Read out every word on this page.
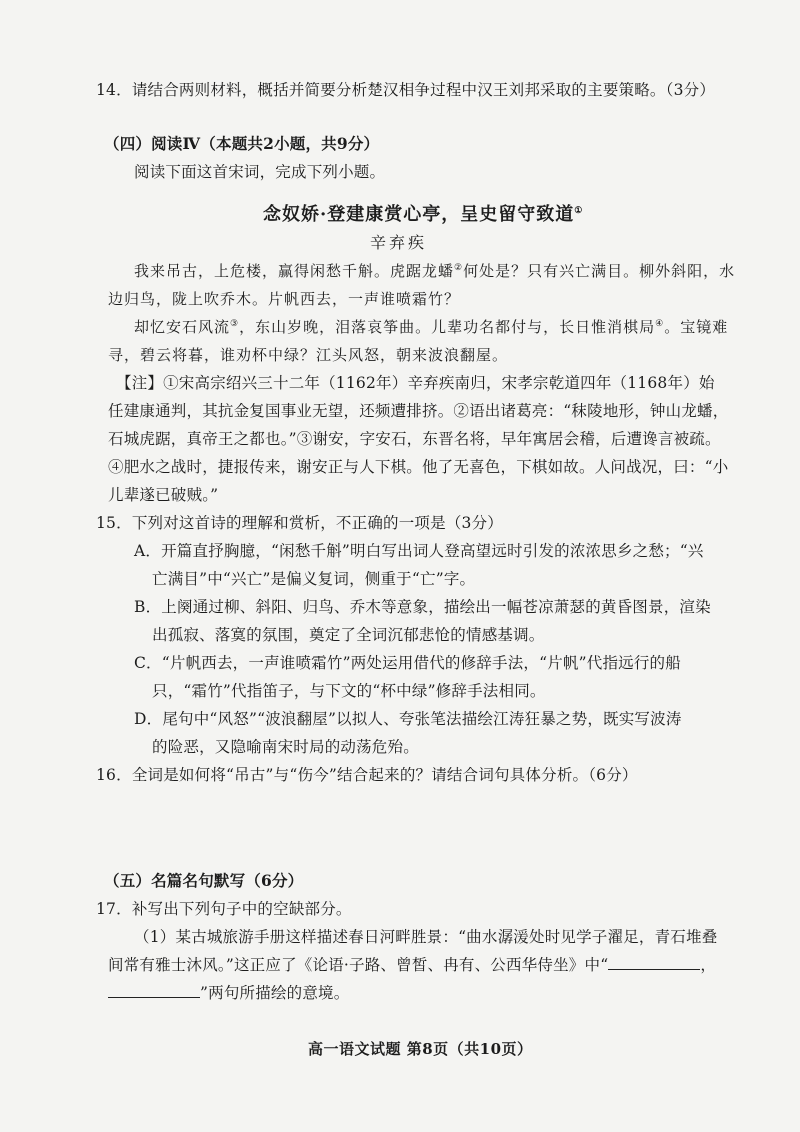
14．请结合两则材料，概括并简要分析楚汉相争过程中汉王刘邦采取的主要策略。（3分）
（四）阅读Ⅳ（本题共2小题，共9分）
阅读下面这首宋词，完成下列小题。
念奴娇·登建康赏心亭，呈史留守致道①
辛弃疾
我来吊古，上危楼，赢得闲愁千斛。虎踞龙蟠②何处是？只有兴亡满目。柳外斜阳，水
边归鸟，陇上吹乔木。片帆西去，一声谁喷霜竹？
却忆安石风流③，东山岁晚，泪落哀筝曲。儿辈功名都付与，长日惟消棋局④。宝镜难
寻，碧云将暮，谁劝杯中绿？江头风怒，朝来波浪翻屋。
【注】①宋高宗绍兴三十二年（1162年）辛弃疾南归，宋孝宗乾道四年（1168年）始
任建康通判，其抗金复国事业无望，还频遭排挤。②语出诸葛亮：“秣陵地形，钟山龙蟠，
石城虎踞，真帝王之都也。”③谢安，字安石，东晋名将，早年寓居会稽，后遭谗言被疏。
④肥水之战时，捷报传来，谢安正与人下棋。他了无喜色，下棋如故。人问战况，曰：“小
儿辈遂已破贼。”
15．下列对这首诗的理解和赏析，不正确的一项是（3分）
A．开篇直抒胸臆，“闲愁千斛”明白写出词人登高望远时引发的浓浓思乡之愁；“兴
亡满目”中“兴亡”是偏义复词，侧重于“亡”字。
B．上阕通过柳、斜阳、归鸟、乔木等意象，描绘出一幅苍凉萧瑟的黄昏图景，渲染
出孤寂、落寞的氛围，奠定了全词沉郁悲怆的情感基调。
C．“片帆西去，一声谁喷霜竹”两处运用借代的修辞手法，“片帆”代指远行的船
只，“霜竹”代指笛子，与下文的“杯中绿”修辞手法相同。
D．尾句中“风怒”“波浪翻屋”以拟人、夸张笔法描绘江涛狂暴之势，既实写波涛
的险恶，又隐喻南宋时局的动荡危殆。
16．全词是如何将“吊古”与“伤今”结合起来的？请结合词句具体分析。（6分）
（五）名篇名句默写（6分）
17．补写出下列句子中的空缺部分。
（1）某古城旅游手册这样描述春日河畔胜景：“曲水潺湲处时见学子濯足，青石堆叠
间常有雅士沐风。”这正应了《论语·子路、曾皙、冉有、公西华侍坐》中“	，
”两句所描绘的意境。
高一语文试题 第8页（共10页）
